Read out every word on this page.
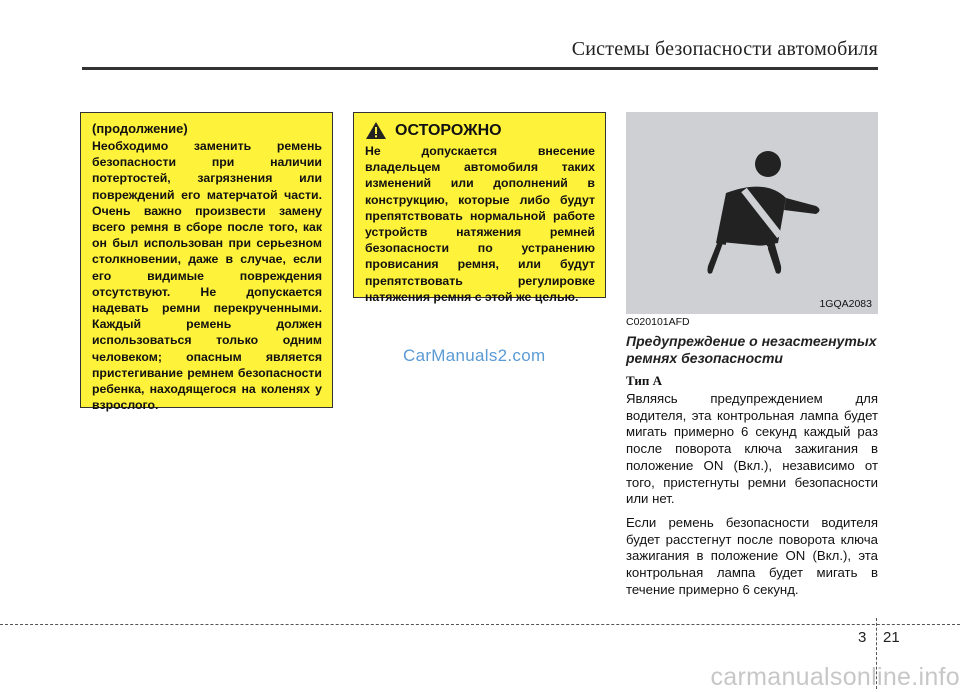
Системы безопасности автомобиля
(продолжение)
Необходимо заменить ремень безопасности при наличии потертостей, загрязнения или повреждений его матерчатой части. Очень важно произвести замену всего ремня в сборе после того, как он был использован при серьезном столкновении, даже в случае, если его видимые повреждения отсутствуют. Не допускается надевать ремни перекрученными. Каждый ремень должен использоваться только одним человеком; опасным является пристегивание ремнем безопасности ребенка, находящегося на коленях у взрослого.
ОСТОРОЖНО
Не допускается внесение владельцем автомобиля таких изменений или дополнений в конструкцию, которые либо будут препятствовать нормальной работе устройств натяжения ремней безопасности по устранению провисания ремня, или будут препятствовать регулировке натяжения ремня с этой же целью.
1GQA2083
C020101AFD
Предупреждение о незастегнутых ремнях безопасности
Тип А

Являясь предупреждением для водителя, эта контрольная лампа будет мигать примерно 6 секунд каждый раз после поворота ключа зажигания в положение ON (Вкл.), независимо от того, пристегнуты ремни безопасности или нет.

Если ремень безопасности водителя будет расстегнут после поворота ключа зажигания в положение ON (Вкл.), эта контрольная лампа будет мигать в течение примерно 6 секунд.

CarManuals2.com
3 21
carmanualsonline.info
